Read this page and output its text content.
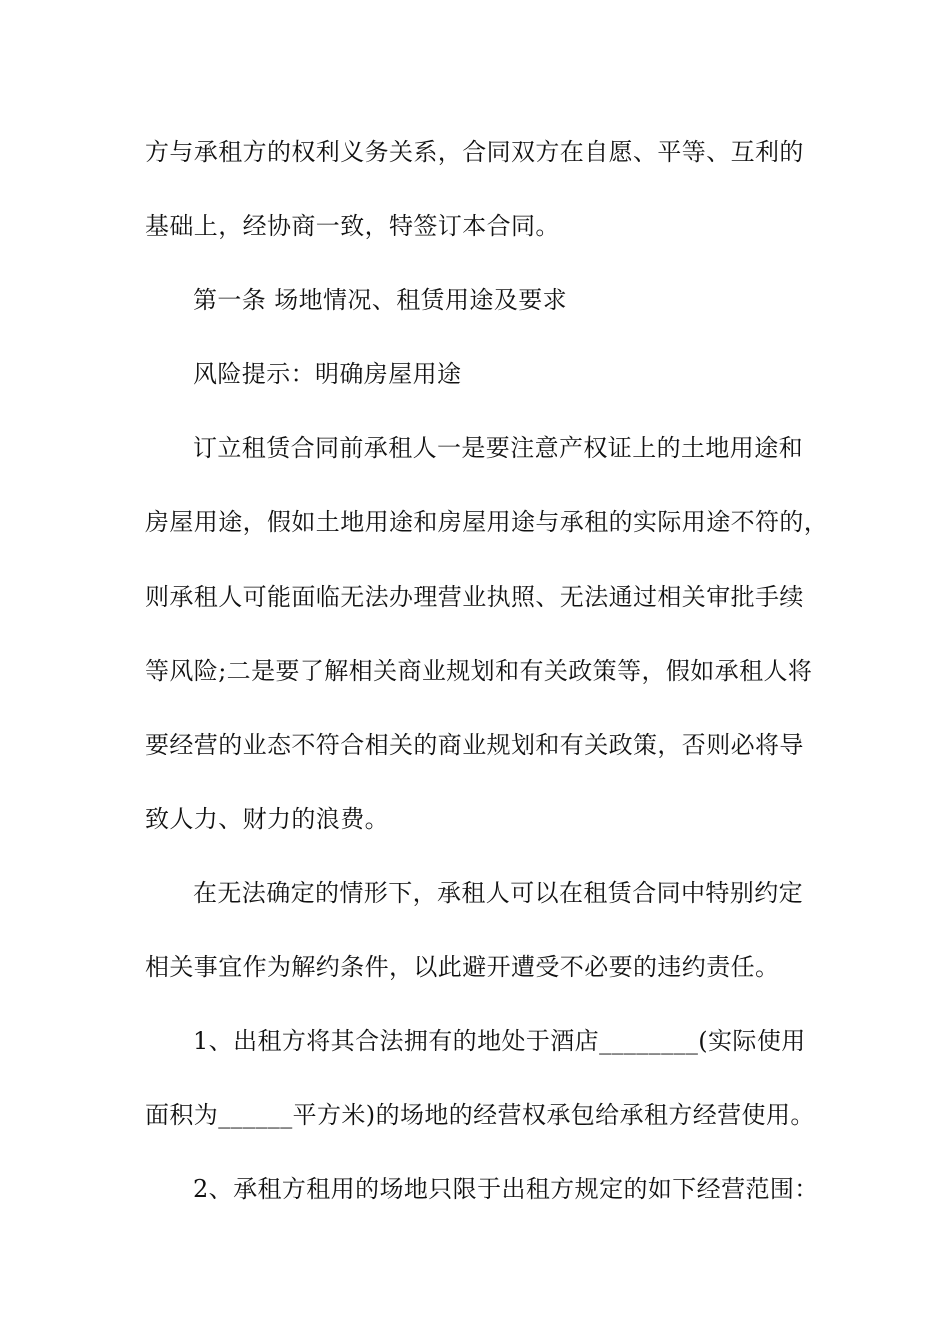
方与承租方的权利义务关系，合同双方在自愿、平等、互利的
基础上，经协商一致，特签订本合同。
第一条 场地情况、租赁用途及要求
风险提示：明确房屋用途
订立租赁合同前承租人一是要注意产权证上的土地用途和
房屋用途，假如土地用途和房屋用途与承租的实际用途不符的，
则承租人可能面临无法办理营业执照、无法通过相关审批手续
等风险;二是要了解相关商业规划和有关政策等，假如承租人将
要经营的业态不符合相关的商业规划和有关政策，否则必将导
致人力、财力的浪费。
在无法确定的情形下，承租人可以在租赁合同中特别约定
相关事宜作为解约条件，以此避开遭受不必要的违约责任。
1、出租方将其合法拥有的地处于酒店________(实际使用
面积为______平方米)的场地的经营权承包给承租方经营使用。
2、承租方租用的场地只限于出租方规定的如下经营范围：
